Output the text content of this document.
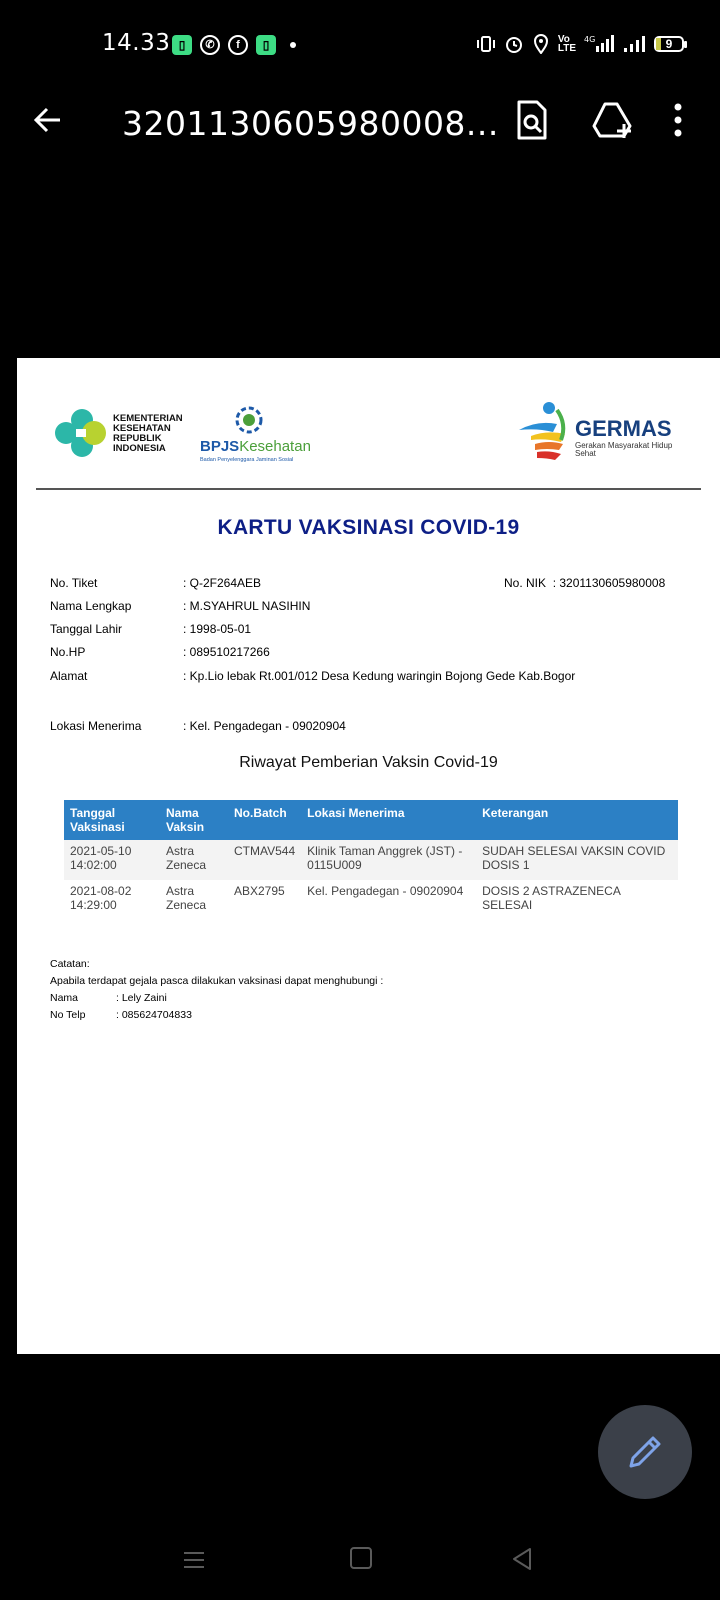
14.33 ▯	✆	f	▯	Vo
LTE
4G	9
3201130605980008...
KEMENTERIAN KESEHATAN REPUBLIK INDONESIA	BPJSKesehatan
Badan Penyelenggara Jaminan Sosial
GERMAS
Gerakan Masyarakat Hidup Sehat
KARTU VAKSINASI COVID-19
No. Tiket	: Q-2F264AEB	No. NIK : 3201130605980008
Nama Lengkap	: M.SYAHRUL NASIHIN
Tanggal Lahir	: 1998-05-01
No.HP	: 089510217266
Alamat	: Kp.Lio lebak Rt.001/012 Desa Kedung waringin Bojong Gede Kab.Bogor
Lokasi Menerima	: Kel. Pengadegan - 09020904
Riwayat Pemberian Vaksin Covid-19
Tanggal Vaksinasi	Nama Vaksin	No.Batch	Lokasi Menerima	Keterangan
2021-05-10 14:02:00	Astra Zeneca	CTMAV544	Klinik Taman Anggrek (JST) - 0115U009	SUDAH SELESAI VAKSIN COVID DOSIS 1
2021-08-02 14:29:00	Astra Zeneca	ABX2795	Kel. Pengadegan - 09020904	DOSIS 2 ASTRAZENECA SELESAI
Catatan:
Apabila terdapat gejala pasca dilakukan vaksinasi dapat menghubungi :
Nama	: Lely Zaini
No Telp	: 085624704833
